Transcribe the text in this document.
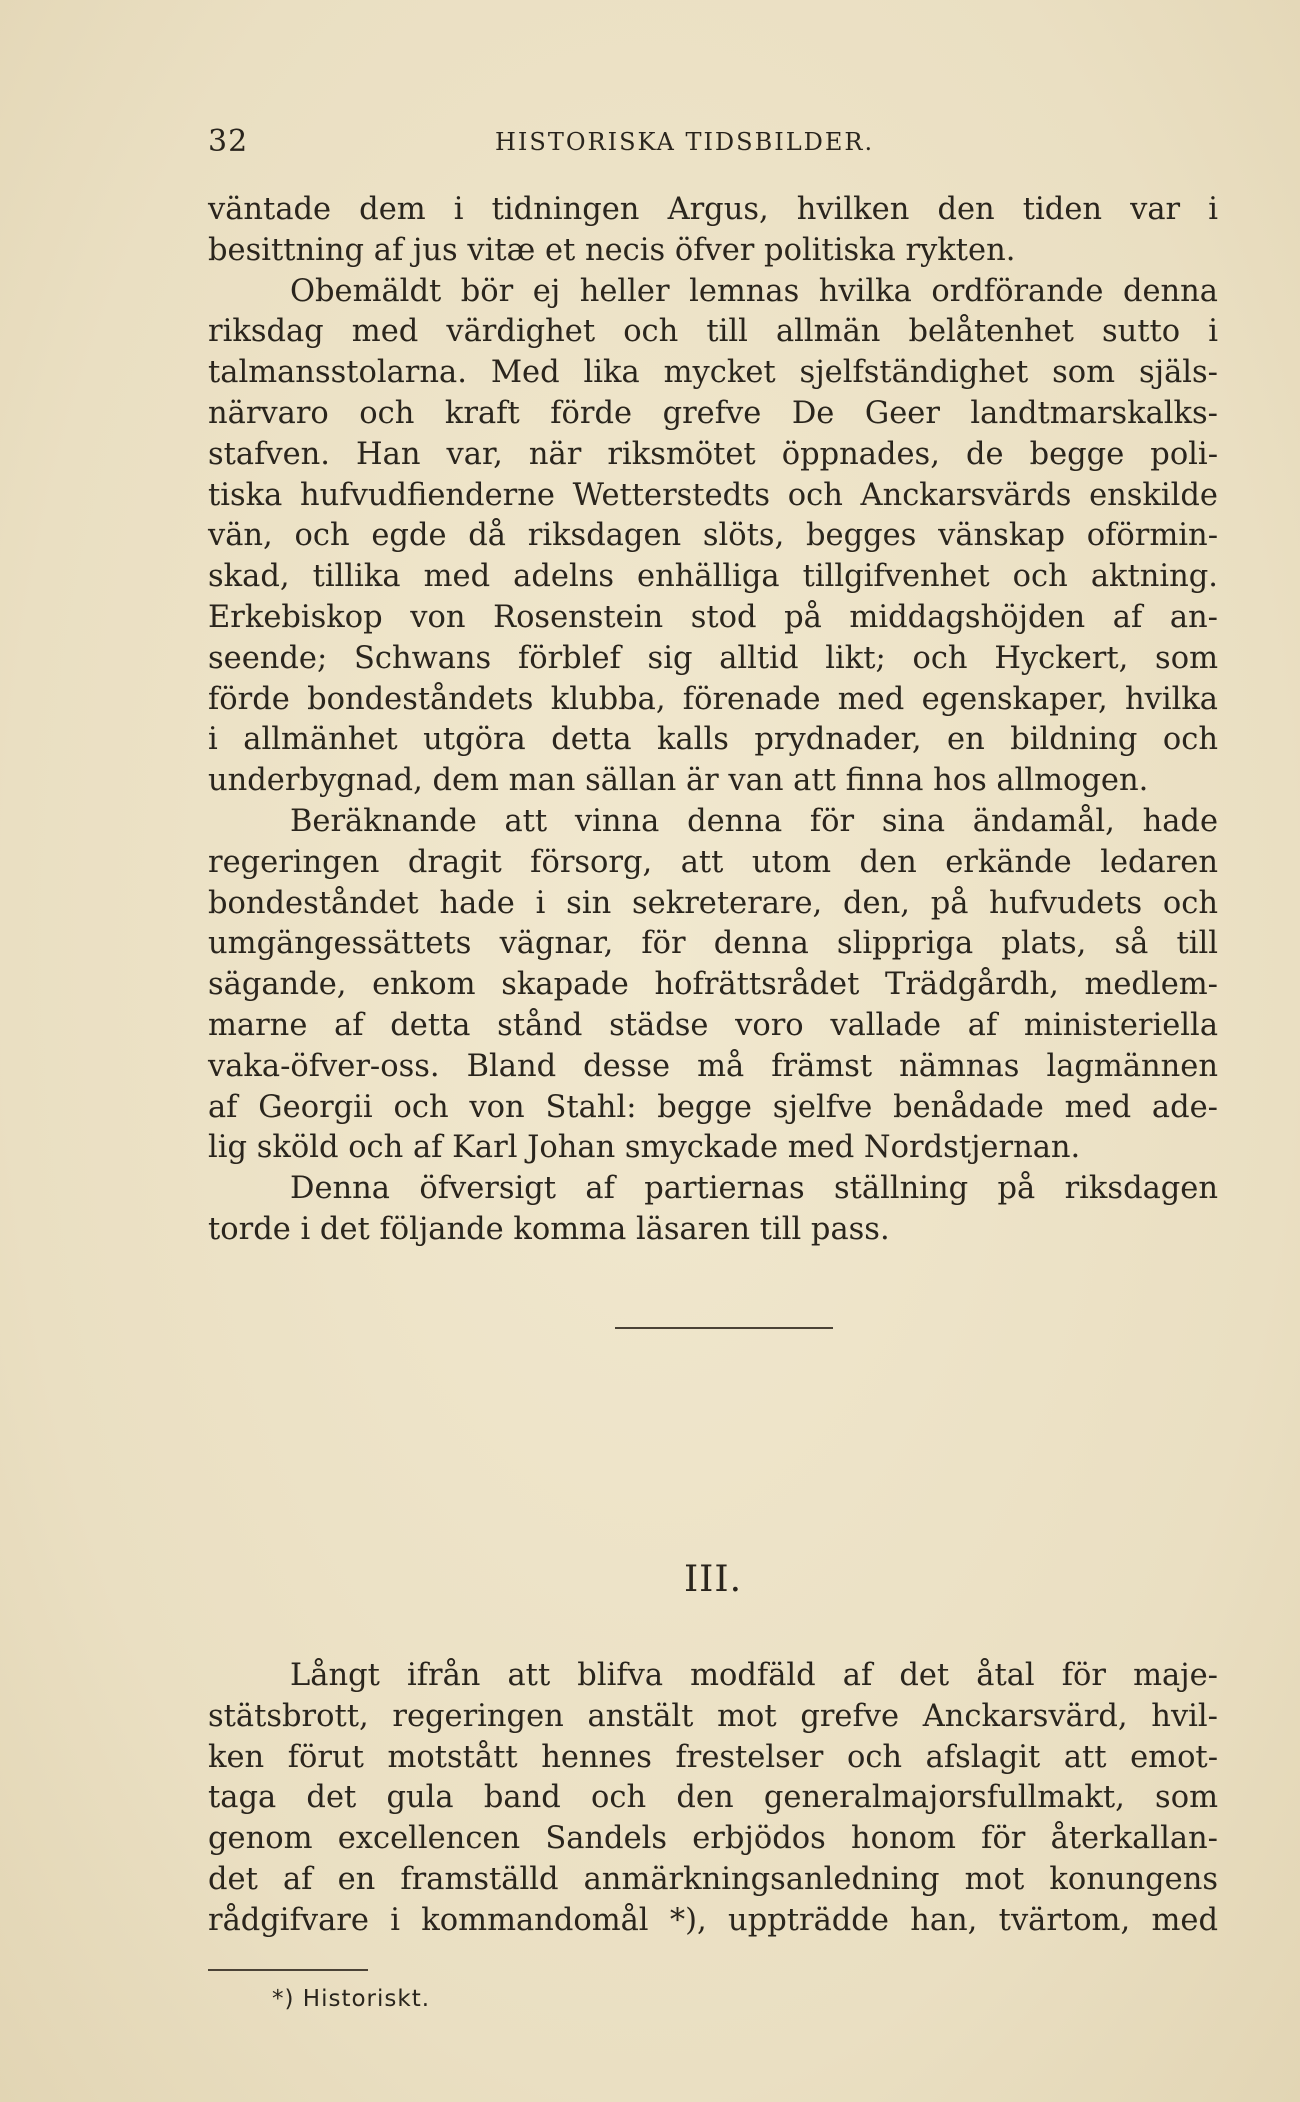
32	HISTORISKA TIDSBILDER.

väntade dem i tidningen Argus, hvilken den tiden var i
besittning af jus vitæ et necis öfver politiska rykten.

Obemäldt bör ej heller lemnas hvilka ordförande denna
riksdag med värdighet och till allmän belåtenhet sutto i
talmansstolarna. Med lika mycket sjelfständighet som själs-
närvaro och kraft förde grefve De Geer landtmarskalks-
stafven. Han var, när riksmötet öppnades, de begge poli-
tiska hufvudfienderne Wetterstedts och Anckarsvärds enskilde
vän, och egde då riksdagen slöts, begges vänskap oförmin-
skad, tillika med adelns enhälliga tillgifvenhet och aktning.
Erkebiskop von Rosenstein stod på middagshöjden af an-
seende; Schwans förblef sig alltid likt; och Hyckert, som
förde bondeståndets klubba, förenade med egenskaper, hvilka
i allmänhet utgöra detta kalls prydnader, en bildning och
underbygnad, dem man sällan är van att finna hos allmogen.

Beräknande att vinna denna för sina ändamål, hade
regeringen dragit försorg, att utom den erkände ledaren
bondeståndet hade i sin sekreterare, den, på hufvudets och
umgängessättets vägnar, för denna slippriga plats, så till
sägande, enkom skapade hofrättsrådet Trädgårdh, medlem-
marne af detta stånd städse voro vallade af ministeriella
vaka-öfver-oss. Bland desse må främst nämnas lagmännen
af Georgii och von Stahl: begge sjelfve benådade med ade-
lig sköld och af Karl Johan smyckade med Nordstjernan.

Denna öfversigt af partiernas ställning på riksdagen
torde i det följande komma läsaren till pass.

III.
Långt ifrån att blifva modfäld af det åtal för maje-
stätsbrott, regeringen anstält mot grefve Anckarsvärd, hvil-
ken förut motstått hennes frestelser och afslagit att emot-
taga det gula band och den generalmajorsfullmakt, som
genom excellencen Sandels erbjödos honom för återkallan-
det af en framställd anmärkningsanledning mot konungens
rådgifvare i kommandomål *), uppträdde han, tvärtom, med
*) Historiskt.
